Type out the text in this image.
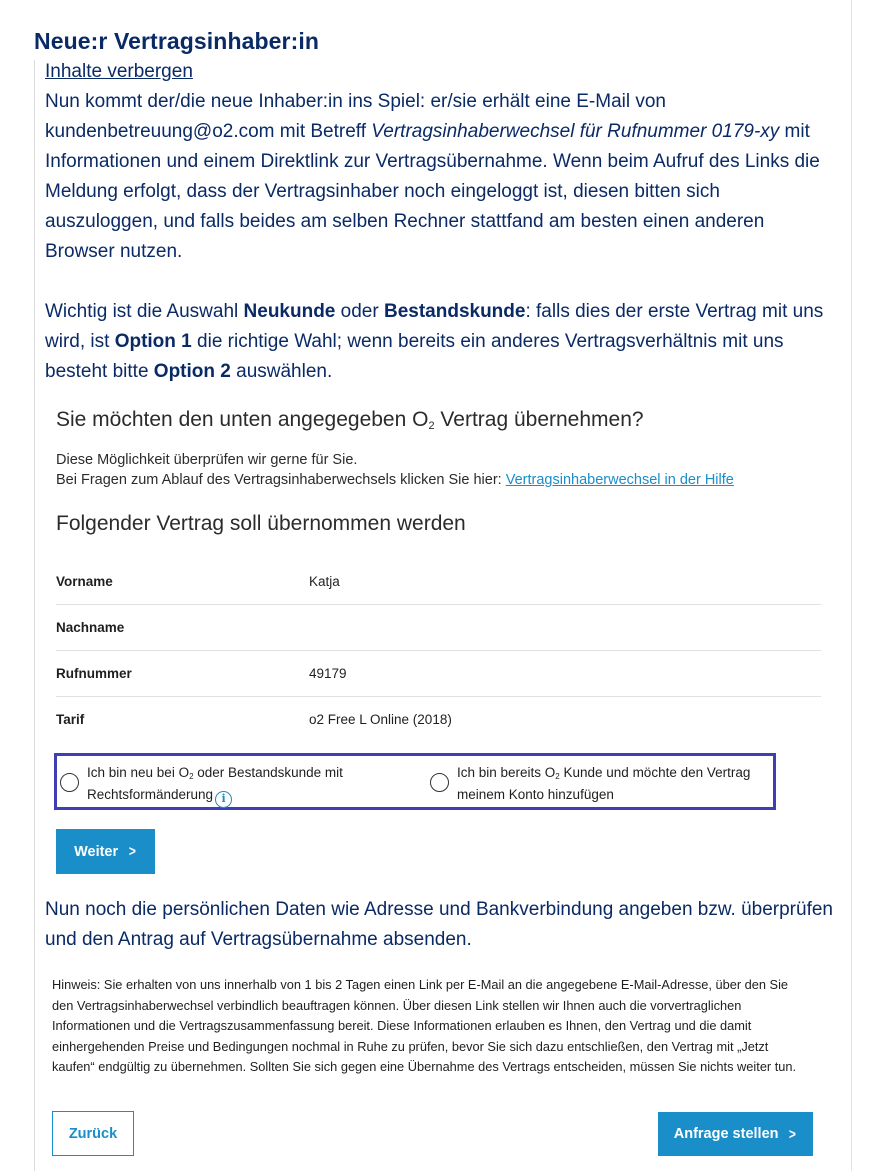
Neue:r Vertragsinhaber:in
Inhalte verbergen

Nun kommt der/die neue Inhaber:in ins Spiel: er/sie erhält eine E-Mail von kundenbetreuung@o2.com mit Betreff Vertragsinhaberwechsel für Rufnummer 0179-xy mit Informationen und einem Direktlink zur Vertragsübernahme. Wenn beim Aufruf des Links die Meldung erfolgt, dass der Vertragsinhaber noch eingeloggt ist, diesen bitten sich auszuloggen, und falls beides am selben Rechner stattfand am besten einen anderen Browser nutzen.

Wichtig ist die Auswahl Neukunde oder Bestandskunde: falls dies der erste Vertrag mit uns wird, ist Option 1 die richtige Wahl; wenn bereits ein anderes Vertragsverhältnis mit uns besteht bitte Option 2 auswählen.

Sie möchten den unten angegegeben $O_2$ Vertrag übernehmen?
Diese Möglichkeit überprüfen wir gerne für Sie.
Bei Fragen zum Ablauf des Vertragsinhaberwechsels klicken Sie hier: Vertragsinhaberwechsel in der Hilfe
Folgender Vertrag soll übernommen werden
Vorname	Katja
Nachname
Rufnummer	49179
Tarif	o2 Free L Online (2018)
Ich bin neu bei $O_2$ oder Bestandskunde mit
Rechtsformänderung i
Ich bin bereits $O_2$ Kunde und möchte den Vertrag meinem Konto hinzufügen
Weiter >

Nun noch die persönlichen Daten wie Adresse und Bankverbindung angeben bzw. überprüfen und den Antrag auf Vertragsübernahme absenden.

Hinweis: Sie erhalten von uns innerhalb von 1 bis 2 Tagen einen Link per E-Mail an die angegebene E-Mail-Adresse, über den Sie den Vertragsinhaberwechsel verbindlich beauftragen können. Über diesen Link stellen wir Ihnen auch die vorvertraglichen Informationen und die Vertragszusammenfassung bereit. Diese Informationen erlauben es Ihnen, den Vertrag und die damit einhergehenden Preise und Bedingungen nochmal in Ruhe zu prüfen, bevor Sie sich dazu entschließen, den Vertrag mit „Jetzt kaufen“ endgültig zu übernehmen. Sollten Sie sich gegen eine Übernahme des Vertrags entscheiden, müssen Sie nichts weiter tun.

Zurück	Anfrage stellen >
